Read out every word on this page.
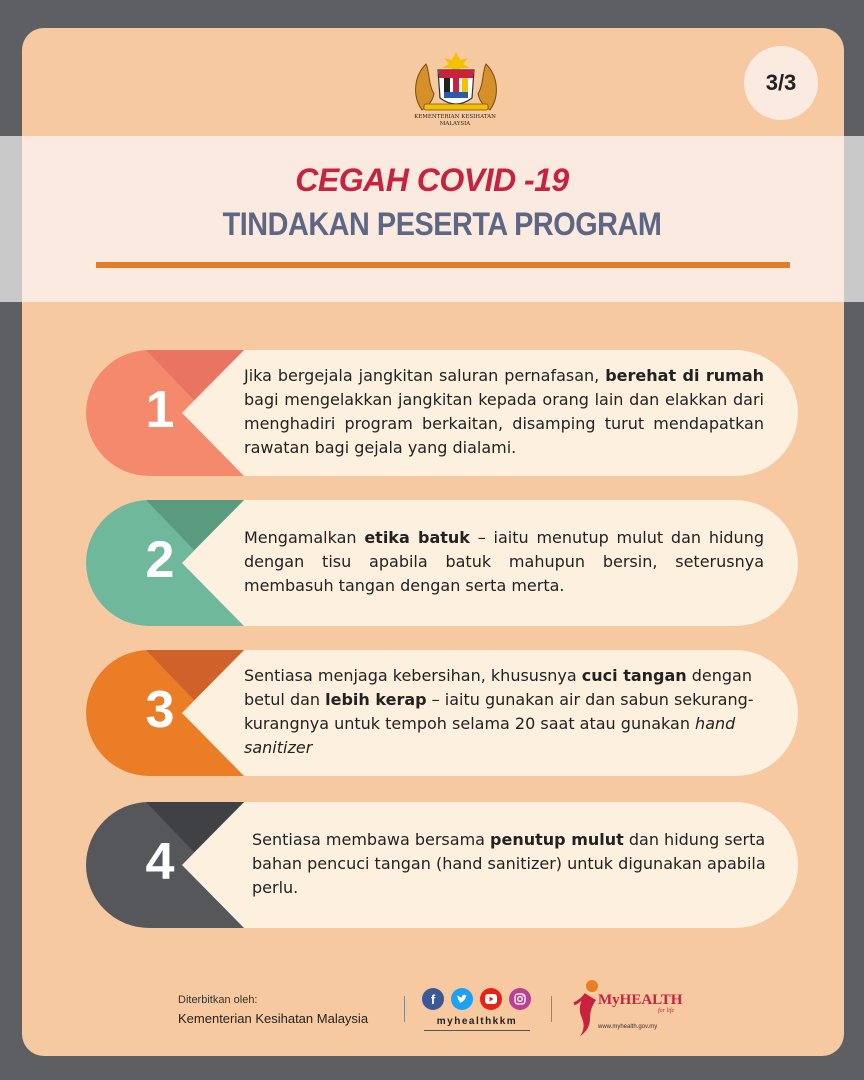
KEMENTERIAN KESIHATAN
MALAYSIA
3/3
CEGAH COVID -19
TINDAKAN PESERTA PROGRAM
1
Jika bergejala jangkitan saluran pernafasan, berehat di rumah bagi mengelakkan jangkitan kepada orang lain dan elakkan dari menghadiri program berkaitan, disamping turut mendapatkan rawatan bagi gejala yang dialami.
2	Mengamalkan etika batuk – iaitu menutup mulut dan hidung dengan tisu apabila batuk mahupun bersin, seterusnya membasuh tangan dengan serta merta.
3
Sentiasa menjaga kebersihan, khususnya cuci tangan dengan betul dan lebih kerap – iaitu gunakan air dan sabun sekurang- kurangnya untuk tempoh selama 20 saat atau gunakan hand sanitizer
4	Sentiasa membawa bersama penutup mulut dan hidung serta bahan pencuci tangan (hand sanitizer) untuk digunakan apabila perlu.
Diterbitkan oleh:
Kementerian Kesihatan Malaysia
f
myhealthkkm
MyHEALTH
for life
www.myhealth.gov.my
